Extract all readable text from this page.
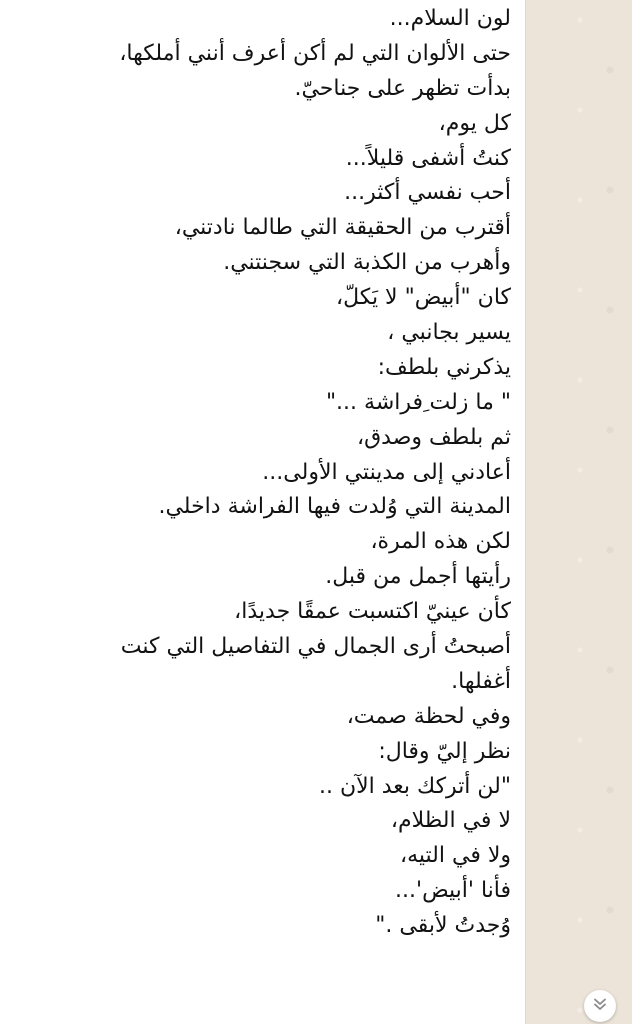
لون السلام...
حتى الألوان التي لم أكن أعرف أنني أملكها،
بدأت تظهر على جناحيّ.
كل يوم،
كنتُ أشفى قليلاً...
أحب نفسي أكثر...
أقترب من الحقيقة التي طالما نادتني،
وأهرب من الكذبة التي سجنتني.
كان "أبيض" لا يَكلّ،
يسير بجانبي ،
يذكرني بلطف:
" ما زلت ِفراشة ..."
ثم بلطف وصدق،
أعادني إلى مدينتي الأولى...
المدينة التي وُلدت فيها الفراشة داخلي.
لكن هذه المرة،
رأيتها أجمل من قبل.
كأن عينيّ اكتسبت عمقًا جديدًا،
أصبحتُ أرى الجمال في التفاصيل التي كنت
أغفلها.
وفي لحظة صمت،
نظر إليّ وقال:
"لن أتركك بعد الآن ..
لا في الظلام،
ولا في التيه،
فأنا 'أبيض'...
وُجدتُ لأبقى ."
